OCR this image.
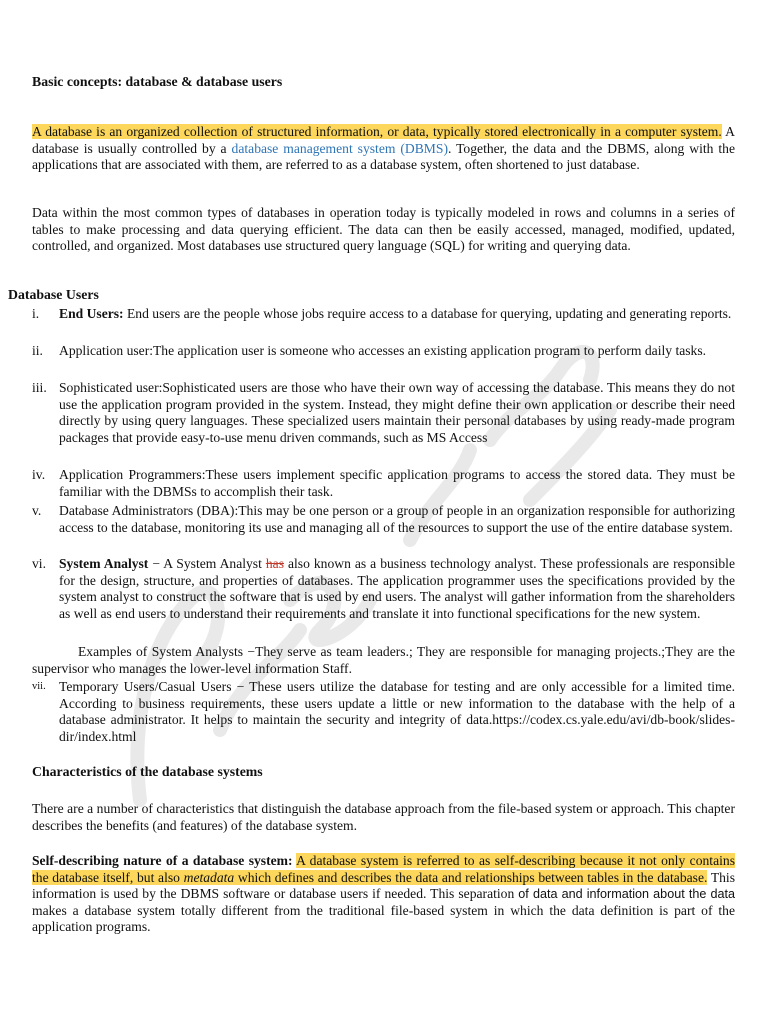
Basic concepts: database & database users

A database is an organized collection of structured information, or data, typically stored electronically in a computer system. A database is usually controlled by a database management system (DBMS). Together, the data and the DBMS, along with the applications that are associated with them, are referred to as a database system, often shortened to just database.

Data within the most common types of databases in operation today is typically modeled in rows and columns in a series of tables to make processing and data querying efficient. The data can then be easily accessed, managed, modified, updated, controlled, and organized. Most databases use structured query language (SQL) for writing and querying data.

Database Users
i.	End Users: End users are the people whose jobs require access to a database for querying, updating and generating reports.
ii.	Application user:The application user is someone who accesses an existing application program to perform daily tasks.
iii. Sophisticated user:Sophisticated users are those who have their own way of accessing the database. This means they do not use the application program provided in the system. Instead, they might define their own application or describe their need directly by using query languages. These specialized users maintain their personal databases by using ready-made program packages that provide easy-to-use menu driven commands, such as MS Access
iv.	Application Programmers:These users implement specific application programs to access the stored data. They must be familiar with the DBMSs to accomplish their task.
v.	Database Administrators (DBA):This may be one person or a group of people in an organization responsible for authorizing access to the database, monitoring its use and managing all of the resources to support the use of the entire database system.
vi. System Analyst − A System Analyst has also known as a business technology analyst. These professionals are responsible for the design, structure, and properties of databases. The application programmer uses the specifications provided by the system analyst to construct the software that is used by end users. The analyst will gather information from the shareholders as well as end users to understand their requirements and translate it into functional specifications for the new system.

Examples of System Analysts −They serve as team leaders.; They are responsible for managing projects.;They are the supervisor who manages the lower-level information Staff.

vii. Temporary Users/Casual Users − These users utilize the database for testing and are only accessible for a limited time. According to business requirements, these users update a little or new information to the database with the help of a database administrator. It helps to maintain the security and integrity of data.https://codex.cs.yale.edu/avi/db-book/slides-dir/index.html
Characteristics of the database systems

There are a number of characteristics that distinguish the database approach from the file-based system or approach. This chapter describes the benefits (and features) of the database system.

Self-describing nature of a database system: A database system is referred to as self-describing because it not only contains the database itself, but also metadata which defines and describes the data and relationships between tables in the database. This information is used by the DBMS software or database users if needed. This separation of data and information about the data makes a database system totally different from the traditional file-based system in which the data definition is part of the application programs.
